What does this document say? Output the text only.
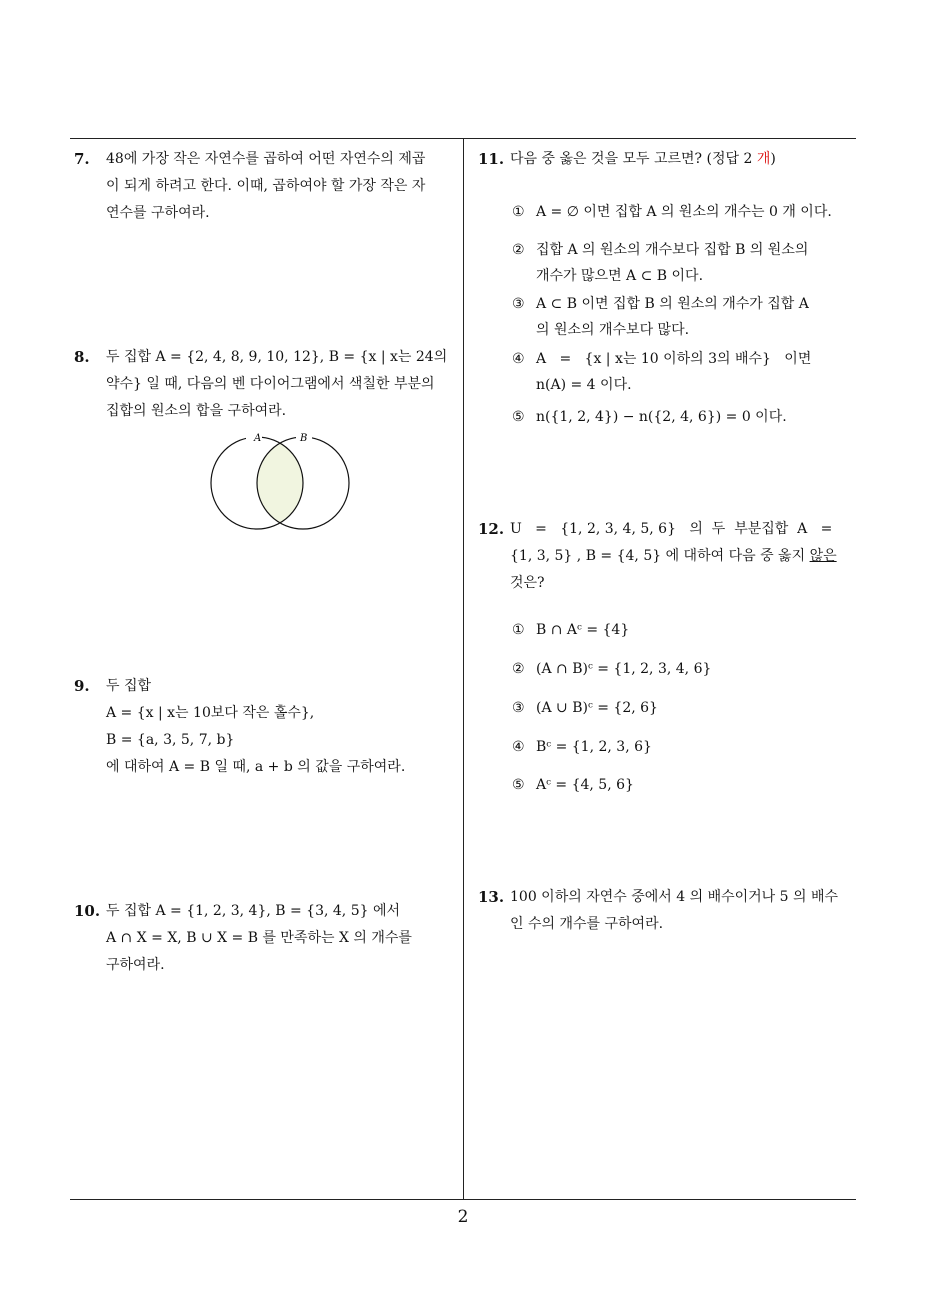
7. 48에 가장 작은 자연수를 곱하여 어떤 자연수의 제곱
이 되게 하려고 한다. 이때, 곱하여야 할 가장 작은 자
연수를 구하여라.
8. 두 집합 A = {2, 4, 8, 9, 10, 12}, B = {x | x는 24의
약수} 일 때, 다음의 벤 다이어그램에서 색칠한 부분의
집합의 원소의 합을 구하여라.
A	B
9. 두 집합
A = {x | x는 10보다 작은 홀수},
B = {a, 3, 5, 7, b}
에 대하여 A = B 일 때, a + b 의 값을 구하여라.
10. 두 집합 A = {1, 2, 3, 4}, B = {3, 4, 5} 에서
A ∩ X = X, B ∪ X = B 를 만족하는 X 의 개수를
구하여라.
11. 다음 중 옳은 것을 모두 고르면? (정답 2 개)
① A = ∅ 이면 집합 A 의 원소의 개수는 0 개 이다.
② 집합 A 의 원소의 개수보다 집합 B 의 원소의
개수가 많으면 A ⊂ B 이다.
③ A ⊂ B 이면 집합 B 의 원소의 개수가 집합 A
의 원소의 개수보다 많다.
④ A   =   {x | x는 10 이하의 3의 배수}   이면
n(A) = 4 이다.
⑤ n({1, 2, 4}) − n({2, 4, 6}) = 0 이다.
12. U   =   {1, 2, 3, 4, 5, 6}   의  두  부분집합  A   =
{1, 3, 5} , B = {4, 5} 에 대하여 다음 중 옳지 않은
것은?
① B ∩ Aᶜ = {4}
② (A ∩ B)ᶜ = {1, 2, 3, 4, 6}
③ (A ∪ B)ᶜ = {2, 6}
④ Bᶜ = {1, 2, 3, 6}
⑤ Aᶜ = {4, 5, 6}
13. 100 이하의 자연수 중에서 4 의 배수이거나 5 의 배수
인 수의 개수를 구하여라.
2
